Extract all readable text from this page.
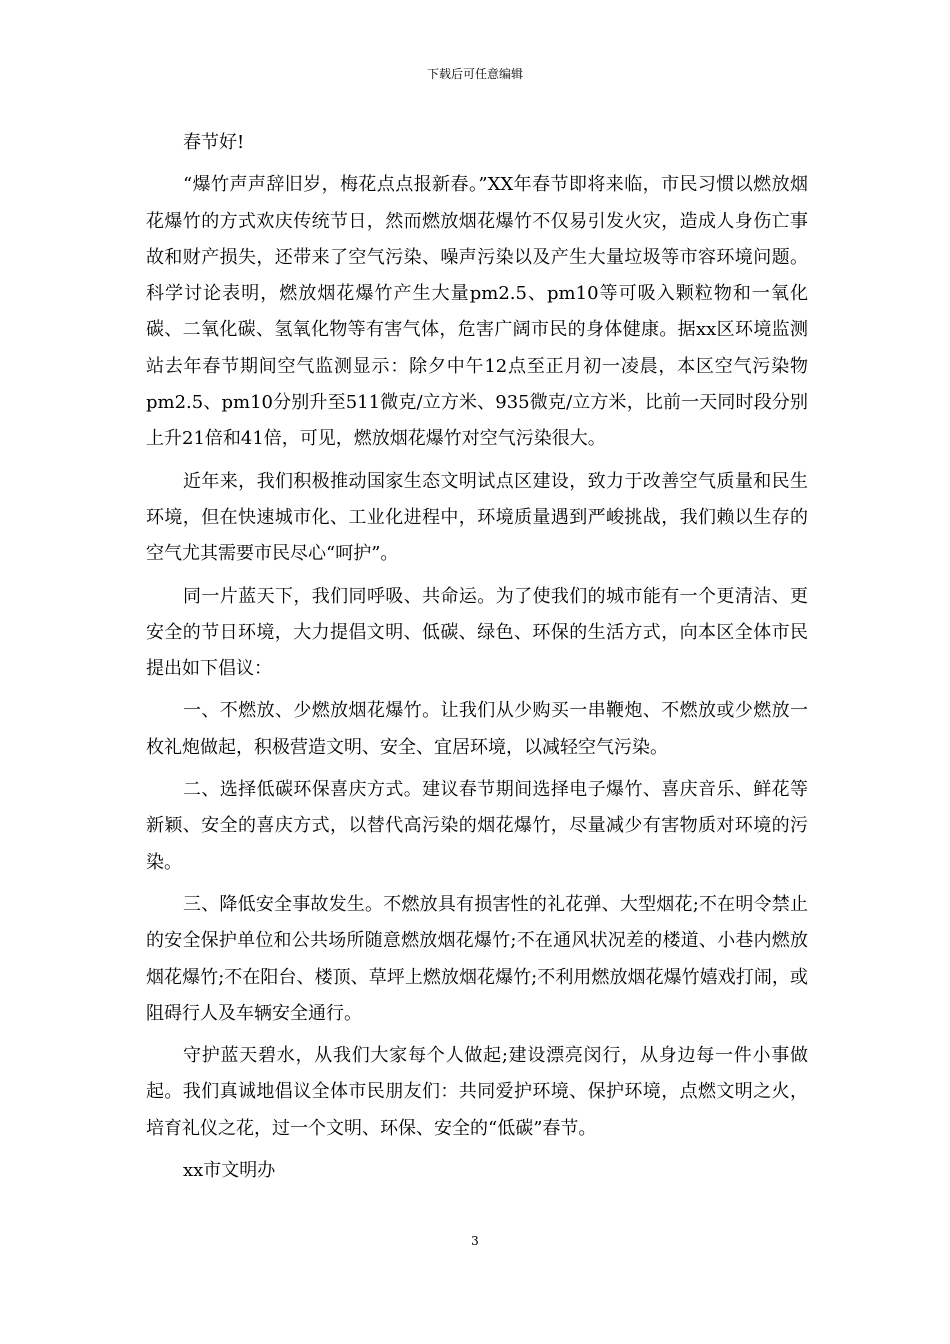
下载后可任意编辑

春节好!

“爆竹声声辞旧岁，梅花点点报新春。”XX年春节即将来临，市民习惯以燃放烟花爆竹的方式欢庆传统节日，然而燃放烟花爆竹不仅易引发火灾，造成人身伤亡事故和财产损失，还带来了空气污染、噪声污染以及产生大量垃圾等市容环境问题。科学讨论表明，燃放烟花爆竹产生大量pm2.5、pm10等可吸入颗粒物和一氧化碳、二氧化碳、氢氧化物等有害气体，危害广阔市民的身体健康。据xx区环境监测站去年春节期间空气监测显示：除夕中午12点至正月初一凌晨，本区空气污染物pm2.5、pm10分别升至511微克/立方米、935微克/立方米，比前一天同时段分别上升21倍和41倍，可见，燃放烟花爆竹对空气污染很大。

近年来，我们积极推动国家生态文明试点区建设，致力于改善空气质量和民生环境，但在快速城市化、工业化进程中，环境质量遇到严峻挑战，我们赖以生存的空气尤其需要市民尽心“呵护”。

同一片蓝天下，我们同呼吸、共命运。为了使我们的城市能有一个更清洁、更安全的节日环境，大力提倡文明、低碳、绿色、环保的生活方式，向本区全体市民提出如下倡议：

一、不燃放、少燃放烟花爆竹。让我们从少购买一串鞭炮、不燃放或少燃放一枚礼炮做起，积极营造文明、安全、宜居环境，以减轻空气污染。

二、选择低碳环保喜庆方式。建议春节期间选择电子爆竹、喜庆音乐、鲜花等新颖、安全的喜庆方式，以替代高污染的烟花爆竹，尽量减少有害物质对环境的污染。

三、降低安全事故发生。不燃放具有损害性的礼花弹、大型烟花;不在明令禁止的安全保护单位和公共场所随意燃放烟花爆竹;不在通风状况差的楼道、小巷内燃放烟花爆竹;不在阳台、楼顶、草坪上燃放烟花爆竹;不利用燃放烟花爆竹嬉戏打闹，或阻碍行人及车辆安全通行。

守护蓝天碧水，从我们大家每个人做起;建设漂亮闵行，从身边每一件小事做起。我们真诚地倡议全体市民朋友们：共同爱护环境、保护环境，点燃文明之火，培育礼仪之花，过一个文明、环保、安全的“低碳”春节。

xx市文明办

3
